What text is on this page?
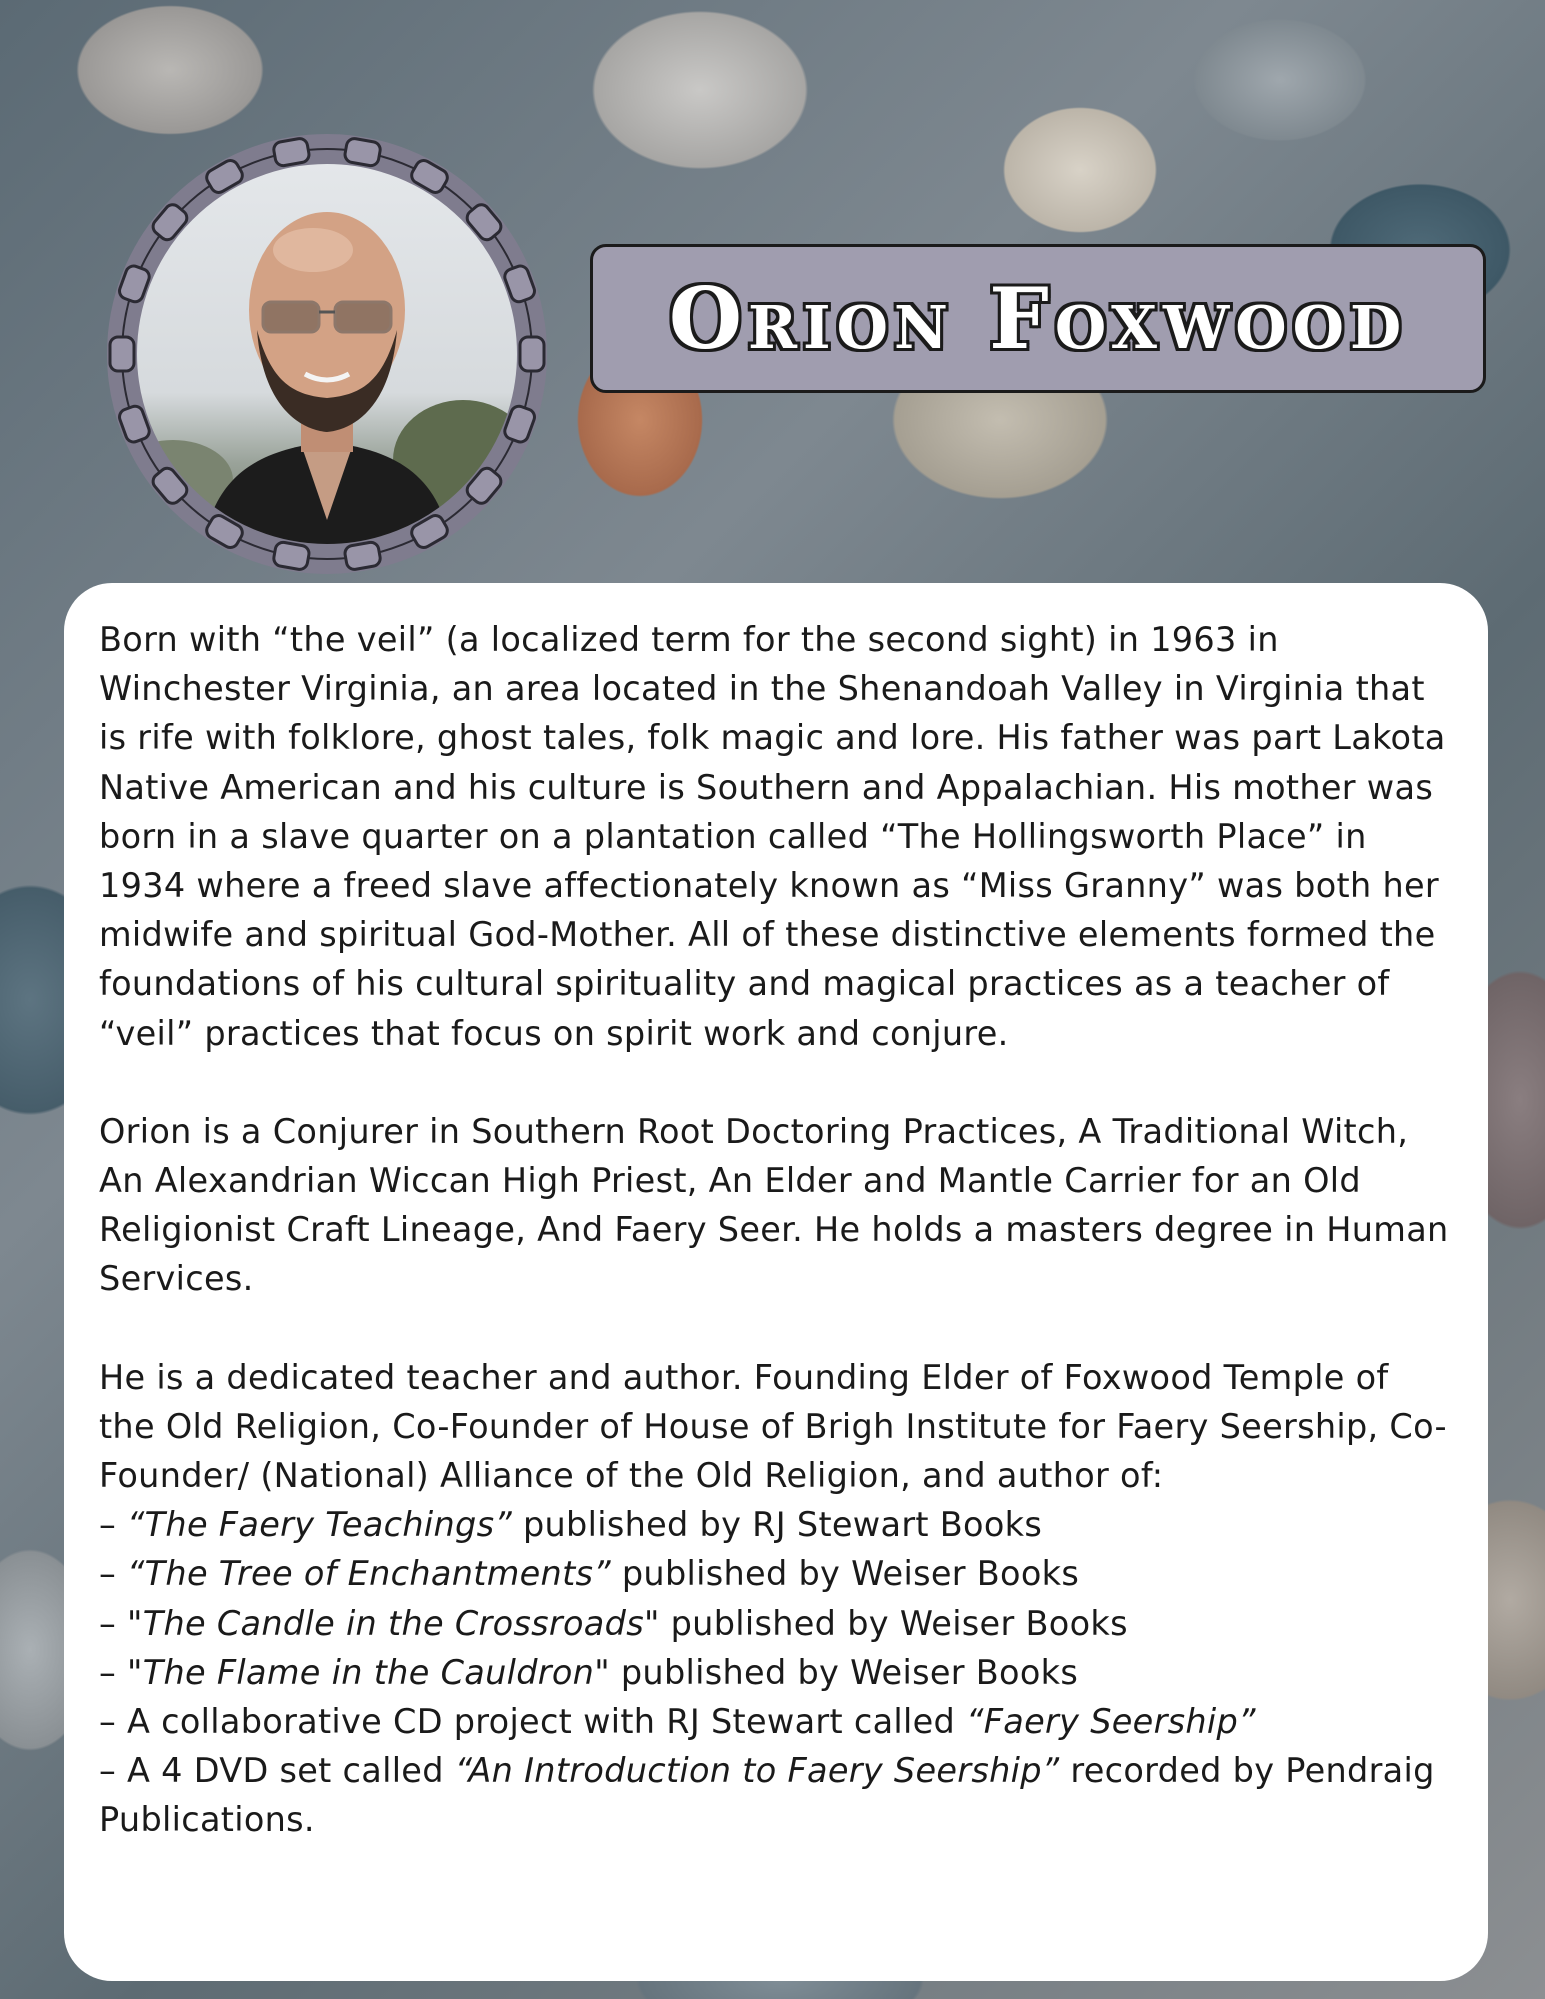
Orion Foxwood

Born with “the veil” (a localized term for the second sight) in 1963 in Winchester Virginia, an area located in the Shenandoah Valley in Virginia that is rife with folklore, ghost tales, folk magic and lore. His father was part Lakota Native American and his culture is Southern and Appalachian. His mother was born in a slave quarter on a plantation called “The Hollingsworth Place” in 1934 where a freed slave affectionately known as “Miss Granny” was both her midwife and spiritual God-Mother. All of these distinctive elements formed the foundations of his cultural spirituality and magical practices as a teacher of “veil” practices that focus on spirit work and conjure.

Orion is a Conjurer in Southern Root Doctoring Practices, A Traditional Witch, An Alexandrian Wiccan High Priest, An Elder and Mantle Carrier for an Old Religionist Craft Lineage, And Faery Seer. He holds a masters degree in Human Services.

He is a dedicated teacher and author. Founding Elder of Foxwood Temple of the Old Religion, Co-Founder of House of Brigh Institute for Faery Seership, Co-Founder/ (National) Alliance of the Old Religion, and author of:

– “The Faery Teachings” published by RJ Stewart Books
– “The Tree of Enchantments” published by Weiser Books
– "The Candle in the Crossroads" published by Weiser Books
– "The Flame in the Cauldron" published by Weiser Books
– A collaborative CD project with RJ Stewart called “Faery Seership”
– A 4 DVD set called “An Introduction to Faery Seership” recorded by Pendraig Publications.
